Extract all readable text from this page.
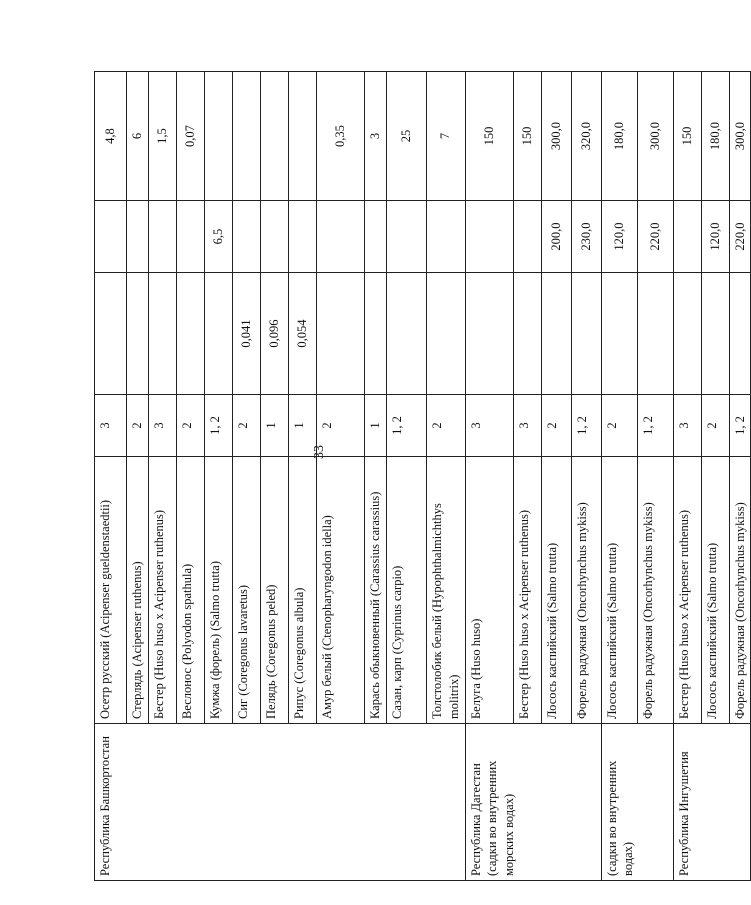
33
Республика Башкортостан	Осетр русский (Acipenser gueldenstaedtii)	3			4,8
	Стерлядь (Acipenser ruthenus)	2			6
	Бестер (Huso huso x Acipenser ruthenus)	3			1,5
	Веслонос (Polyodon spathula)	2			0,07
	Кумжа (форель) (Salmo trutta)	1, 2		6,5	
	Сиг (Coregonus lavaretus)	2	0,041		
	Пелядь (Coregonus peled)	1	0,096		
	Рипус (Coregonus albula)	1	0,054		
	Амур белый (Ctenopharyngodon idella)	2			0,35
	Карась обыкновенный (Carassius carassius)	1			3
	Сазан, карп (Cyprinus carpio)	1, 2			25
	Толстолобик белый (Hypophthalmichthys molitrix)	2			7
Республика Дагестан (садки во внутренних морских водах)	Белуга (Huso huso)	3			150
	Бестер (Huso huso x Acipenser ruthenus)	3			150
	Лосось каспийский (Salmo trutta)	2		200,0	300,0
	Форель радужная (Oncorhynchus mykiss)	1, 2		230,0	320,0
(садки во внутренних водах)	Лосось каспийский (Salmo trutta)	2		120,0	180,0
	Форель радужная (Oncorhynchus mykiss)	1, 2		220,0	300,0
Республика Ингушетия	Бестер (Huso huso x Acipenser ruthenus)	3			150
	Лосось каспийский (Salmo trutta)	2		120,0	180,0
	Форель радужная (Oncorhynchus mykiss)	1, 2		220,0	300,0
